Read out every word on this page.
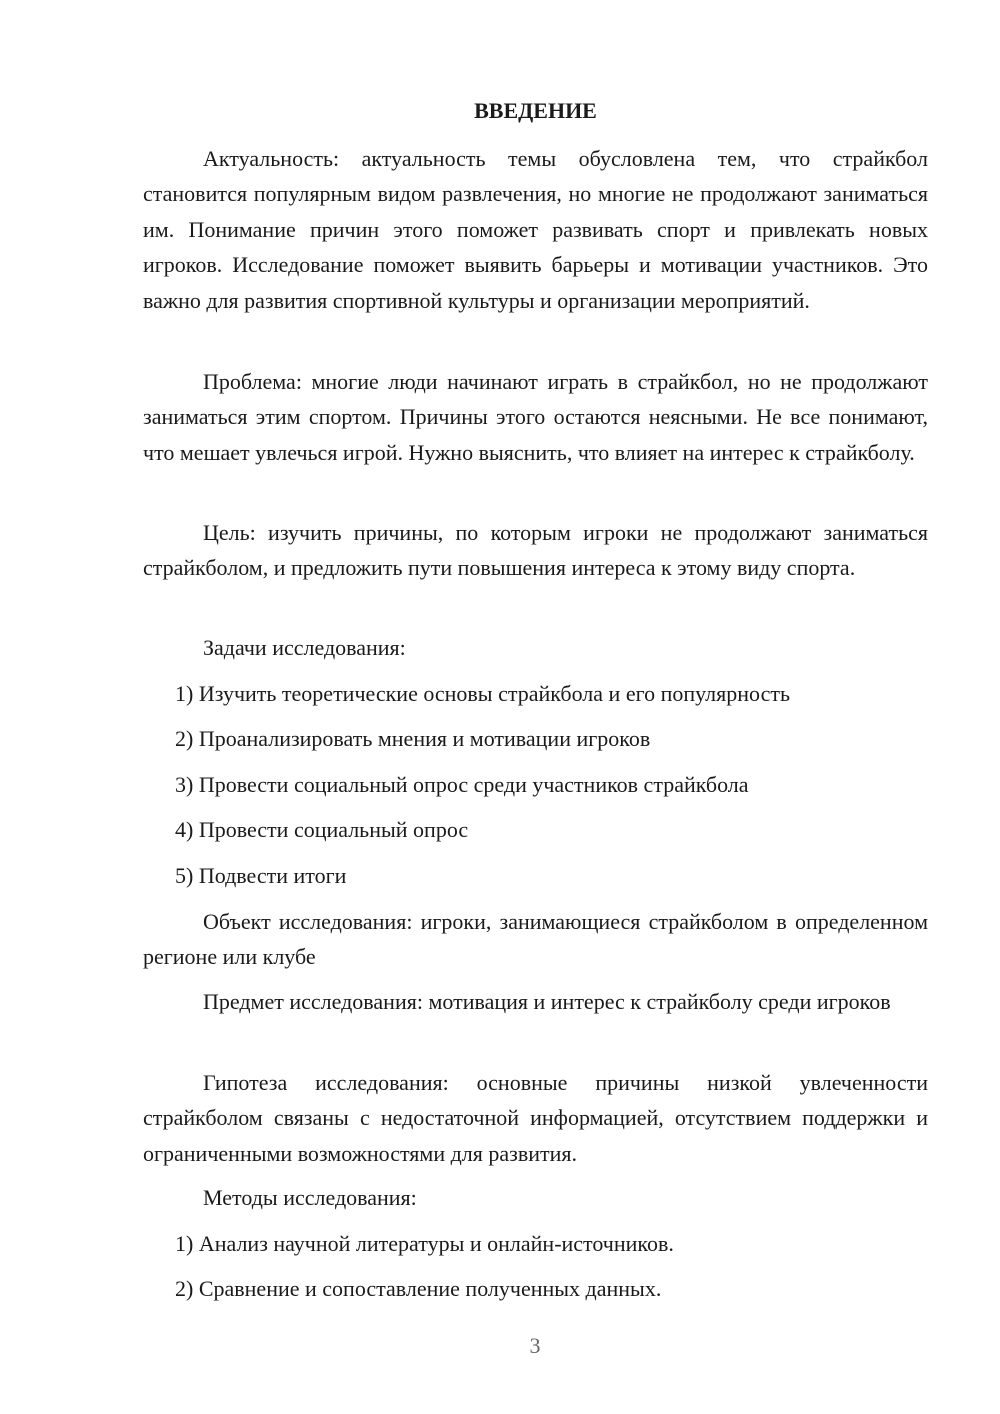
ВВЕДЕНИЕ

Актуальность: актуальность темы обусловлена тем, что страйкбол становится популярным видом развлечения, но многие не продолжают заниматься им. Понимание причин этого поможет развивать спорт и привлекать новых игроков. Исследование поможет выявить барьеры и мотивации участников. Это важно для развития спортивной культуры и организации мероприятий.

Проблема: многие люди начинают играть в страйкбол, но не продолжают заниматься этим спортом. Причины этого остаются неясными. Не все понимают, что мешает увлечься игрой. Нужно выяснить, что влияет на интерес к страйкболу.

Цель: изучить причины, по которым игроки не продолжают заниматься страйкболом, и предложить пути повышения интереса к этому виду спорта.

Задачи исследования:

1) Изучить теоретические основы страйкбола и его популярность

2) Проанализировать мнения и мотивации игроков

3) Провести социальный опрос среди участников страйкбола

4) Провести социальный опрос

5) Подвести итоги

Объект исследования: игроки, занимающиеся страйкболом в определенном регионе или клубе

Предмет исследования: мотивация и интерес к страйкболу среди игроков

Гипотеза исследования: основные причины низкой увлеченности страйкболом связаны с недостаточной информацией, отсутствием поддержки и ограниченными возможностями для развития.

Методы исследования:

1) Анализ научной литературы и онлайн-источников.

2) Сравнение и сопоставление полученных данных.

3
